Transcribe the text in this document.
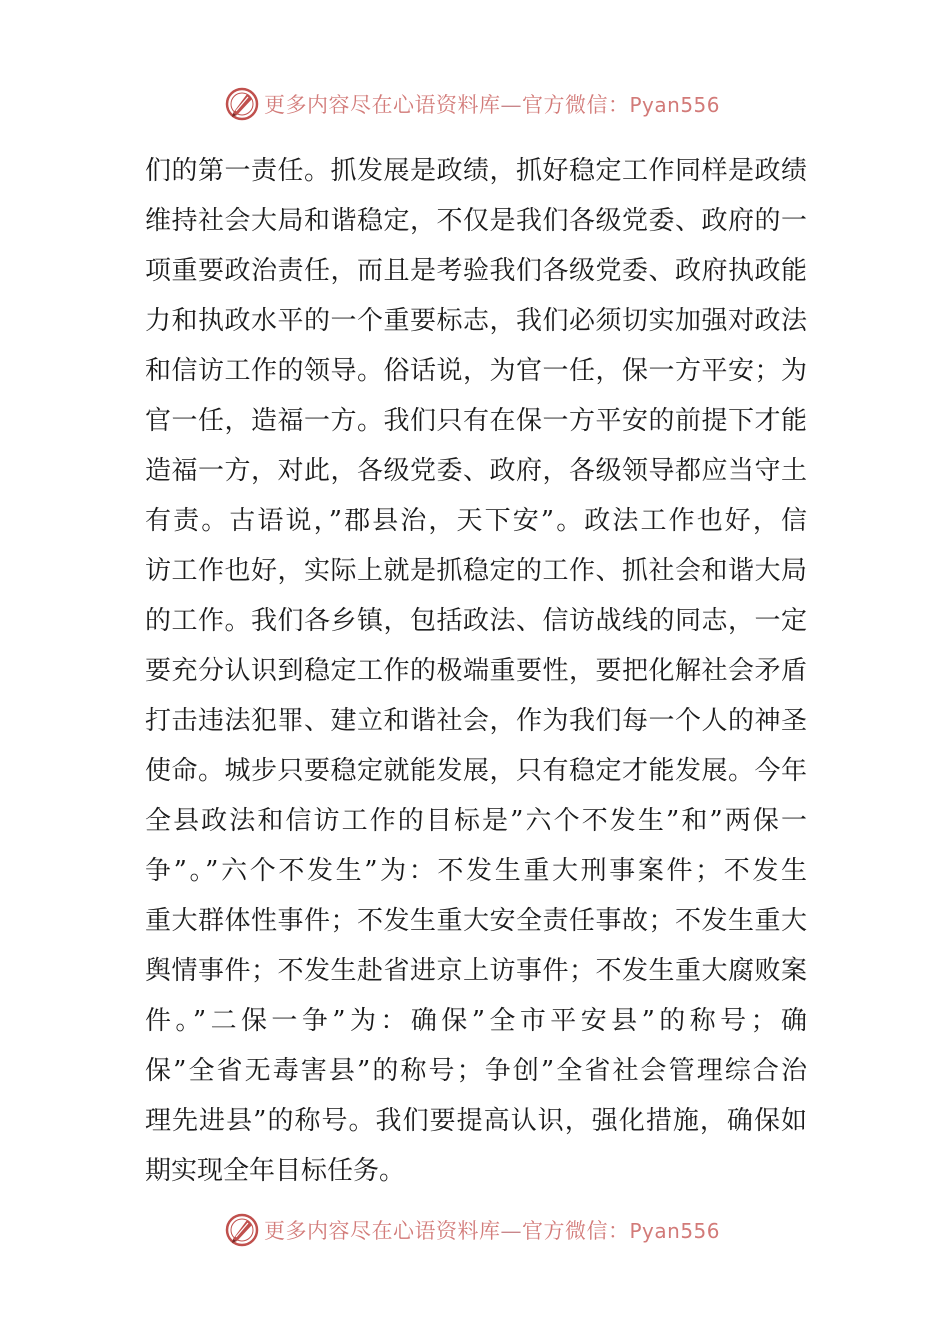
更多内容尽在心语资料库—官方微信：Pyan556
们的第一责任。抓发展是政绩，抓好稳定工作同样是政绩
维持社会大局和谐稳定，不仅是我们各级党委、政府的一
项重要政治责任，而且是考验我们各级党委、政府执政能
力和执政水平的一个重要标志，我们必须切实加强对政法
和信访工作的领导。俗话说，为官一任，保一方平安；为
官一任，造福一方。我们只有在保一方平安的前提下才能
造福一方，对此，各级党委、政府，各级领导都应当守土
有责。古语说，”郡县治，天下安”。政法工作也好，信
访工作也好，实际上就是抓稳定的工作、抓社会和谐大局
的工作。我们各乡镇，包括政法、信访战线的同志，一定
要充分认识到稳定工作的极端重要性，要把化解社会矛盾
打击违法犯罪、建立和谐社会，作为我们每一个人的神圣
使命。城步只要稳定就能发展，只有稳定才能发展。今年
全县政法和信访工作的目标是”六个不发生”和”两保一
争”。”六个不发生”为：不发生重大刑事案件；不发生
重大群体性事件；不发生重大安全责任事故；不发生重大
舆情事件；不发生赴省进京上访事件；不发生重大腐败案
件。”二保一争”为：确保”全市平安县”的称号；确
保”全省无毒害县”的称号；争创”全省社会管理综合治
理先进县”的称号。我们要提高认识，强化措施，确保如
期实现全年目标任务。
更多内容尽在心语资料库—官方微信：Pyan556
